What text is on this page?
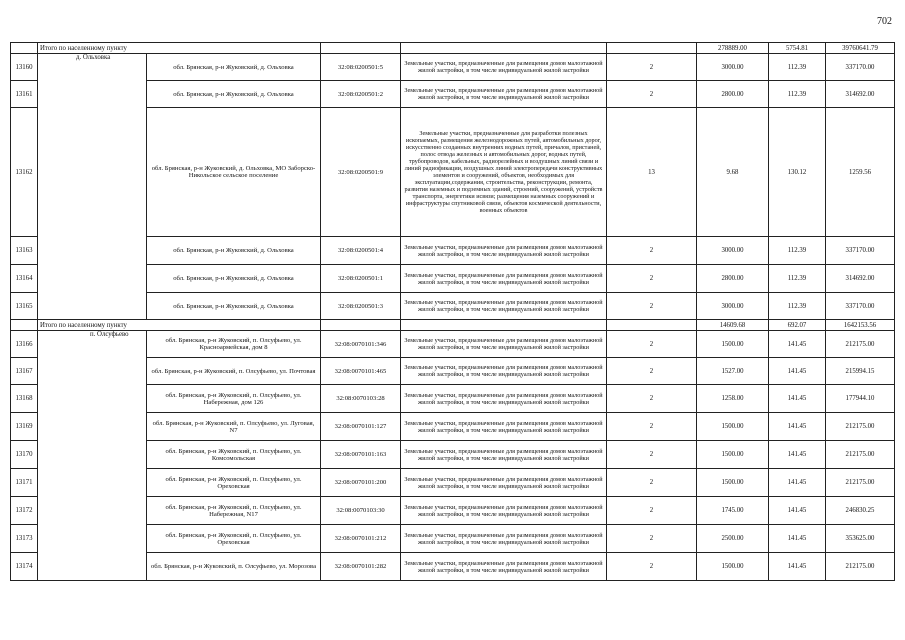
702
	Итого по населенному пункту					278889.00	5754.81	39760641.79
13160	д. Ольховка	обл. Брянская, р-н Жуковский, д. Ольховка	32:08:0200501:5	Земельные участки, предназначенные для размещения домов малоэтажной жилой застройки, в том числе индивидуальной жилой застройки	2	3000.00	112.39	337170.00
13161		обл. Брянская, р-н Жуковский, д. Ольховка	32:08:0200501:2	Земельные участки, предназначенные для размещения домов малоэтажной жилой застройки, в том числе индивидуальной жилой застройки	2	2800.00	112.39	314692.00
13162		обл. Брянская, р-н Жуковский, д. Ольховка, МО Заборско-Никольское сельское поселение	32:08:0200501:9	Земельные участки, предназначенные для разработки полезных ископаемых, размещения железнодорожных путей, автомобильных дорог, искусственно созданных внутренних водных путей, причалов, пристаней, полос отвода железных и автомобильных дорог, водных путей, трубопроводов, кабельных, радиорелейных и воздушных линий связи и линий радиофикации, воздушных линий электропередачи конструктивных элементов и сооружений, объектов, необходимых для эксплуатации,содержания, строительства, реконструкции, ремонта, развития наземных и подземных зданий, строений, сооружений, устройств транспорта, энергетики исвязи; размещения наземных сооружений и инфраструктуры спутниковой связи, объектов космической деятельности, военных объектов	13	9.68	130.12	1259.56
13163		обл. Брянская, р-н Жуковский, д. Ольховка	32:08:0200501:4	Земельные участки, предназначенные для размещения домов малоэтажной жилой застройки, в том числе индивидуальной жилой застройки	2	3000.00	112.39	337170.00
13164		обл. Брянская, р-н Жуковский, д. Ольховка	32:08:0200501:1	Земельные участки, предназначенные для размещения домов малоэтажной жилой застройки, в том числе индивидуальной жилой застройки	2	2800.00	112.39	314692.00
13165		обл. Брянская, р-н Жуковский, д. Ольховка	32:08:0200501:3	Земельные участки, предназначенные для размещения домов малоэтажной жилой застройки, в том числе индивидуальной жилой застройки	2	3000.00	112.39	337170.00
	Итого по населенному пункту					14609.68	692.07	1642153.56
13166	п. Олсуфьево	обл. Брянская, р-н Жуковский, п. Олсуфьево, ул. Красноармейская, дом 8	32:08:0070101:346	Земельные участки, предназначенные для размещения домов малоэтажной жилой застройки, в том числе индивидуальной жилой застройки	2	1500.00	141.45	212175.00
13167		обл. Брянская, р-н Жуковский, п. Олсуфьево, ул. Почтовая	32:08:0070101:465	Земельные участки, предназначенные для размещения домов малоэтажной жилой застройки, в том числе индивидуальной жилой застройки	2	1527.00	141.45	215994.15
13168		обл. Брянская, р-н Жуковский, п. Олсуфьево, ул. Набережная, дом 126	32:08:0070103:28	Земельные участки, предназначенные для размещения домов малоэтажной жилой застройки, в том числе индивидуальной жилой застройки	2	1258.00	141.45	177944.10
13169		обл. Брянская, р-н Жуковский, п. Олсуфьево, ул. Луговая, N7	32:08:0070101:127	Земельные участки, предназначенные для размещения домов малоэтажной жилой застройки, в том числе индивидуальной жилой застройки	2	1500.00	141.45	212175.00
13170		обл. Брянская, р-н Жуковский, п. Олсуфьево, ул. Комсомольская	32:08:0070101:163	Земельные участки, предназначенные для размещения домов малоэтажной жилой застройки, в том числе индивидуальной жилой застройки	2	1500.00	141.45	212175.00
13171		обл. Брянская, р-н Жуковский, п. Олсуфьево, ул. Ореховская	32:08:0070101:200	Земельные участки, предназначенные для размещения домов малоэтажной жилой застройки, в том числе индивидуальной жилой застройки	2	1500.00	141.45	212175.00
13172		обл. Брянская, р-н Жуковский, п. Олсуфьево, ул. Набережная, N17	32:08:0070103:30	Земельные участки, предназначенные для размещения домов малоэтажной жилой застройки, в том числе индивидуальной жилой застройки	2	1745.00	141.45	246830.25
13173		обл. Брянская, р-н Жуковский, п. Олсуфьево, ул. Ореховская	32:08:0070101:212	Земельные участки, предназначенные для размещения домов малоэтажной жилой застройки, в том числе индивидуальной жилой застройки	2	2500.00	141.45	353625.00
13174		обл. Брянская, р-н Жуковский, п. Олсуфьево, ул. Морозова	32:08:0070101:282	Земельные участки, предназначенные для размещения домов малоэтажной жилой застройки, в том числе индивидуальной жилой застройки	2	1500.00	141.45	212175.00
